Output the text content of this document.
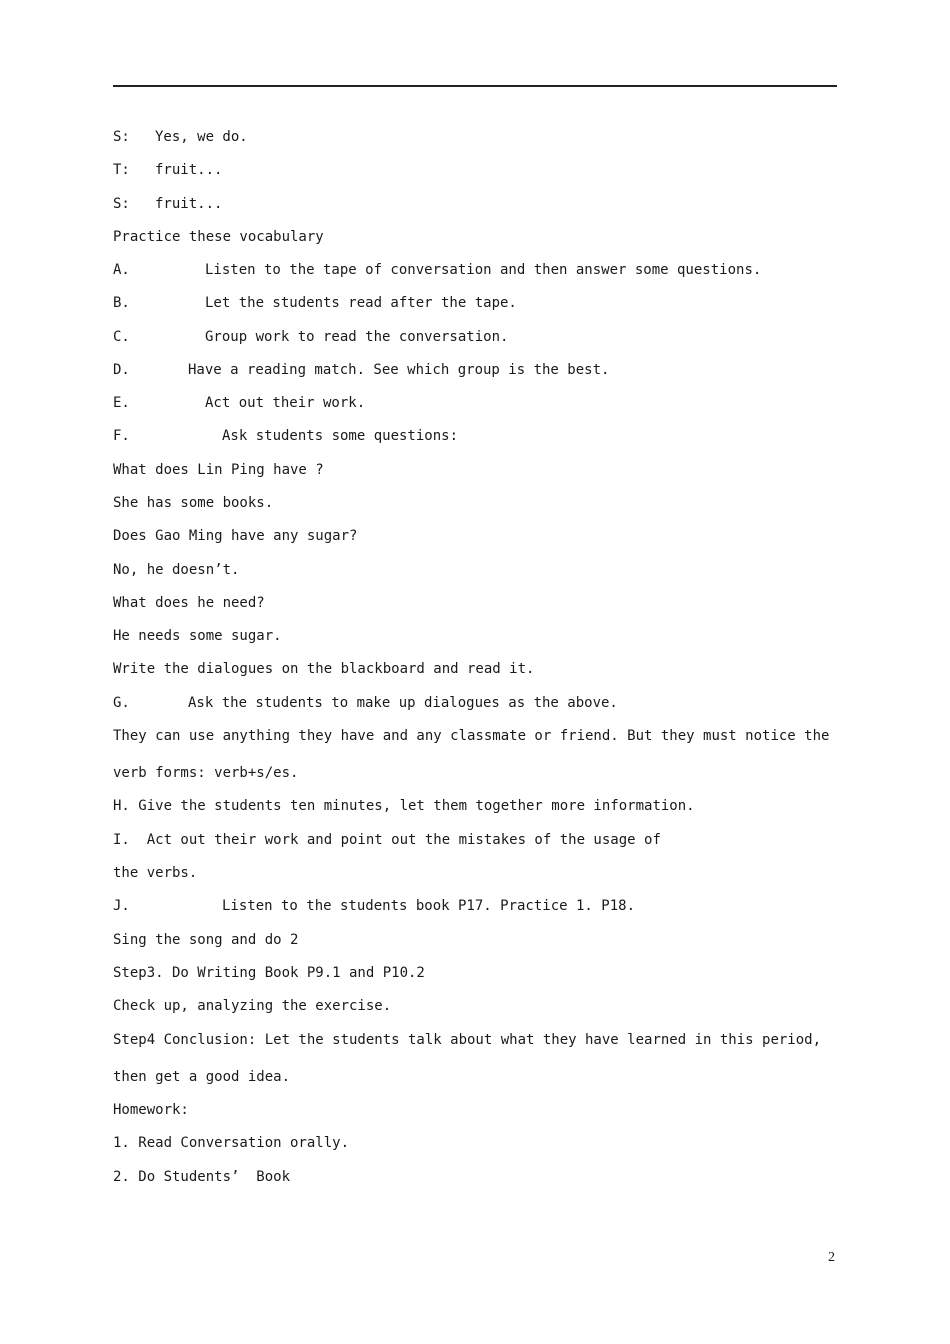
S: Yes, we do.
T: fruit...
S: fruit...
Practice these vocabulary
A.	Listen to the tape of conversation and then answer some questions.
B.	Let the students read after the tape.
C.	Group work to read the conversation.
D.	Have a reading match. See which group is the best.
E.	Act out their work.
F.	Ask students some questions:
What does Lin Ping have ?
She has some books.
Does Gao Ming have any sugar?
No, he doesn’t.
What does he need?
He needs some sugar.
Write the dialogues on the blackboard and read it.
G.	Ask the students to make up dialogues as the above.
They can use anything they have and any classmate or friend. But they must notice the
verb forms: verb+s/es.
H. Give the students ten minutes, let them together more information.
I.  Act out their work and point out the mistakes of the usage of
the verbs.
J.	Listen to the students book P17. Practice 1. P18.
Sing the song and do 2
Step3. Do Writing Book P9.1 and P10.2
Check up, analyzing the exercise.
Step4 Conclusion: Let the students talk about what they have learned in this period,
then get a good idea.
Homework:
1. Read Conversation orally.
2. Do Students’  Book
2
